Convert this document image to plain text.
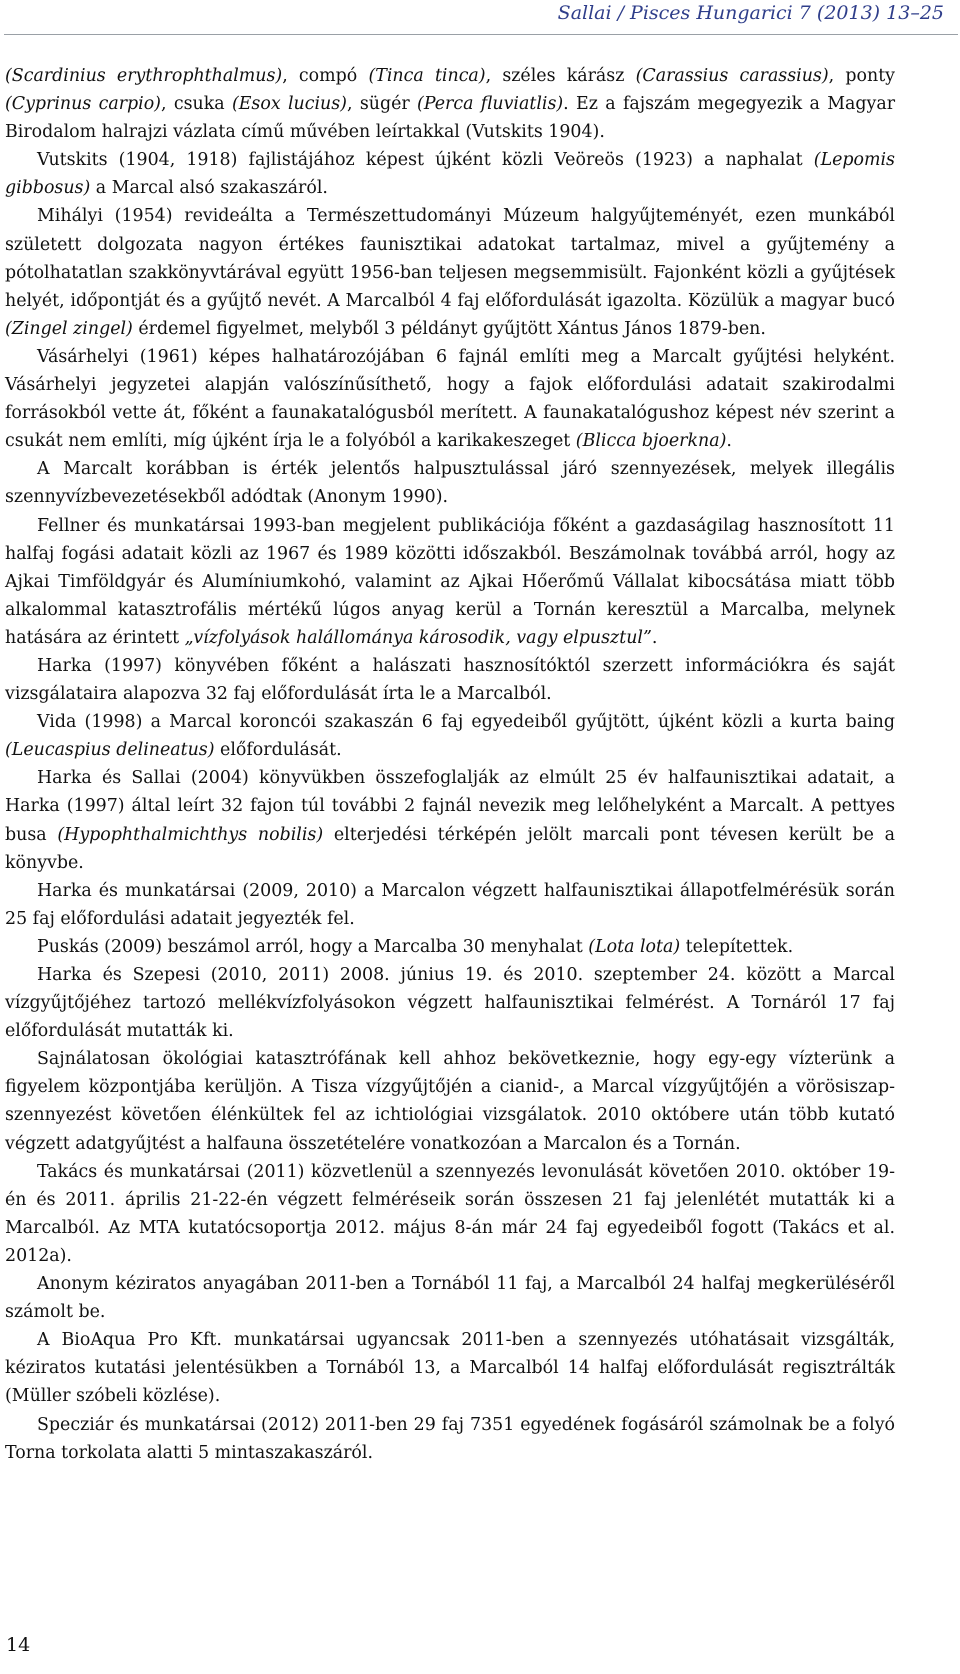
Sallai / Pisces Hungarici 7 (2013) 13–25

(Scardinius erythrophthalmus), compó (Tinca tinca), széles kárász (Carassius carassius), ponty (Cyprinus carpio), csuka (Esox lucius), sügér (Perca fluviatlis). Ez a fajszám megegyezik a Magyar Birodalom halrajzi vázlata című művében leírtakkal (Vutskits 1904).

Vutskits (1904, 1918) fajlistájához képest újként közli Veöreös (1923) a naphalat (Lepomis gibbosus) a Marcal alsó szakaszáról.

Mihályi (1954) revideálta a Természettudományi Múzeum halgyűjteményét, ezen munkából született dolgozata nagyon értékes faunisztikai adatokat tartalmaz, mivel a gyűjtemény a pótolhatatlan szakkönyvtárával együtt 1956-ban teljesen megsemmisült. Fajonként közli a gyűjtések helyét, időpontját és a gyűjtő nevét. A Marcalból 4 faj előfordulását igazolta. Közülük a magyar bucó (Zingel zingel) érdemel figyelmet, melyből 3 példányt gyűjtött Xántus János 1879-ben.

Vásárhelyi (1961) képes halhatározójában 6 fajnál említi meg a Marcalt gyűjtési helyként. Vásárhelyi jegyzetei alapján valószínűsíthető, hogy a fajok előfordulási adatait szakirodalmi forrásokból vette át, főként a faunakatalógusból merített. A faunakatalógushoz képest név szerint a csukát nem említi, míg újként írja le a folyóból a karikakeszeget (Blicca bjoerkna).

A Marcalt korábban is érték jelentős halpusztulással járó szennyezések, melyek illegális szennyvízbevezetésekből adódtak (Anonym 1990).

Fellner és munkatársai 1993-ban megjelent publikációja főként a gazdaságilag hasznosított 11 halfaj fogási adatait közli az 1967 és 1989 közötti időszakból. Beszámolnak továbbá arról, hogy az Ajkai Timföldgyár és Alumíniumkohó, valamint az Ajkai Hőerőmű Vállalat kibocsátása miatt több alkalommal katasztrofális mértékű lúgos anyag kerül a Tornán keresztül a Marcalba, melynek hatására az érintett „vízfolyások halállománya károsodik, vagy elpusztul”.

Harka (1997) könyvében főként a halászati hasznosítóktól szerzett információkra és saját vizsgálataira alapozva 32 faj előfordulását írta le a Marcalból.

Vida (1998) a Marcal koroncói szakaszán 6 faj egyedeiből gyűjtött, újként közli a kurta baing (Leucaspius delineatus) előfordulását.

Harka és Sallai (2004) könyvükben összefoglalják az elmúlt 25 év halfaunisztikai adatait, a Harka (1997) által leírt 32 fajon túl további 2 fajnál nevezik meg lelőhelyként a Marcalt. A pettyes busa (Hypophthalmichthys nobilis) elterjedési térképén jelölt marcali pont tévesen került be a könyvbe.

Harka és munkatársai (2009, 2010) a Marcalon végzett halfaunisztikai állapotfelmérésük során 25 faj előfordulási adatait jegyezték fel.

Puskás (2009) beszámol arról, hogy a Marcalba 30 menyhalat (Lota lota) telepítettek.

Harka és Szepesi (2010, 2011) 2008. június 19. és 2010. szeptember 24. között a Marcal vízgyűjtőjéhez tartozó mellékvízfolyásokon végzett halfaunisztikai felmérést. A Tornáról 17 faj előfordulását mutatták ki.

Sajnálatosan ökológiai katasztrófának kell ahhoz bekövetkeznie, hogy egy-egy vízterünk a figyelem központjába kerüljön. A Tisza vízgyűjtőjén a cianid-, a Marcal vízgyűjtőjén a vörösiszap-szennyezést követően élénkültek fel az ichtiológiai vizsgálatok. 2010 októbere után több kutató végzett adatgyűjtést a halfauna összetételére vonatkozóan a Marcalon és a Tornán.

Takács és munkatársai (2011) közvetlenül a szennyezés levonulását követően 2010. október 19-én és 2011. április 21-22-én végzett felméréseik során összesen 21 faj jelenlétét mutatták ki a Marcalból. Az MTA kutatócsoportja 2012. május 8-án már 24 faj egyedeiből fogott (Takács et al. 2012a).

Anonym kéziratos anyagában 2011-ben a Tornából 11 faj, a Marcalból 24 halfaj megkerüléséről számolt be.

A BioAqua Pro Kft. munkatársai ugyancsak 2011-ben a szennyezés utóhatásait vizsgálták, kéziratos kutatási jelentésükben a Tornából 13, a Marcalból 14 halfaj előfordulását regisztrálták (Müller szóbeli közlése).

Specziár és munkatársai (2012) 2011-ben 29 faj 7351 egyedének fogásáról számolnak be a folyó Torna torkolata alatti 5 mintaszakaszáról.

14
